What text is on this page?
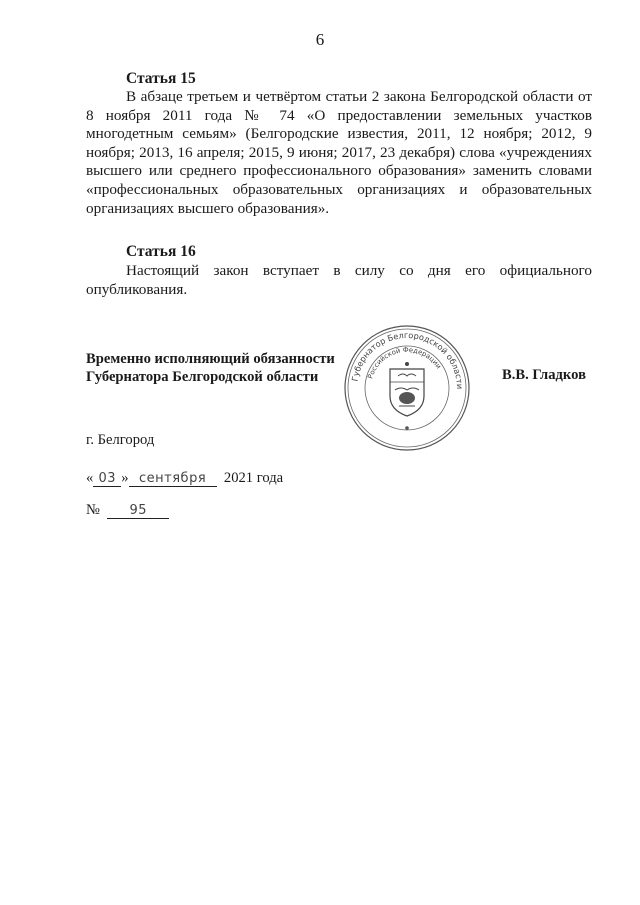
6
Статья 15
В абзаце третьем и четвёртом статьи 2 закона Белгородской области от 8 ноября 2011 года № 74 «О предоставлении земельных участков многодетным семьям» (Белгородские известия, 2011, 12 ноября; 2012, 9 ноября; 2013, 16 апреля; 2015, 9 июня; 2017, 23 декабря) слова «учреждениях высшего или среднего профессионального образования» заменить словами «профессиональных образовательных организациях и образовательных организациях высшего образования».
Статья 16
Настоящий закон вступает в силу со дня его официального опубликования.
Временно исполняющий обязанности
Губернатора Белгородской области	В.В. Гладков
Губернатор Белгородской области
Российской Федерации
г. Белгород
« 03 » сентября 2021 года
№ 95
